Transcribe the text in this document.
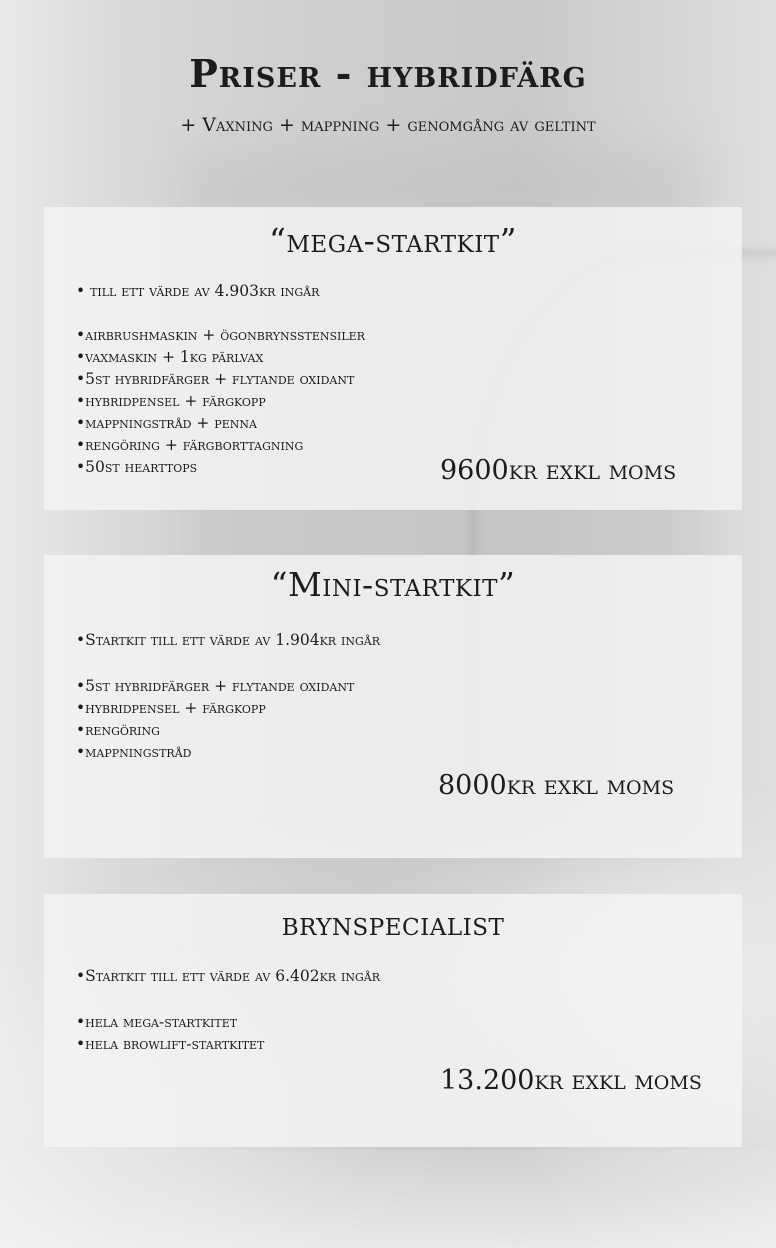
Priser - hybridfärg
+ Vaxning + mappning + genomgång av geltint
“mega-startkit”
• till ett värde av 4.903kr ingår
•airbrushmaskin + ögonbrynsstensiler
•vaxmaskin + 1kg pärlvax
•5st hybridfärger + flytande oxidant
•hybridpensel + färgkopp
•mappningstråd + penna
•rengöring + färgborttagning
•50st hearttops	9600kr exkl moms
“Mini-startkit”
•Startkit till ett värde av 1.904kr ingår
•5st hybridfärger + flytande oxidant
•hybridpensel + färgkopp
•rengöring
•mappningstråd
8000kr exkl moms
brynspecialist
•Startkit till ett värde av 6.402kr ingår
•hela mega-startkitet
•hela browlift-startkitet
13.200kr exkl moms
